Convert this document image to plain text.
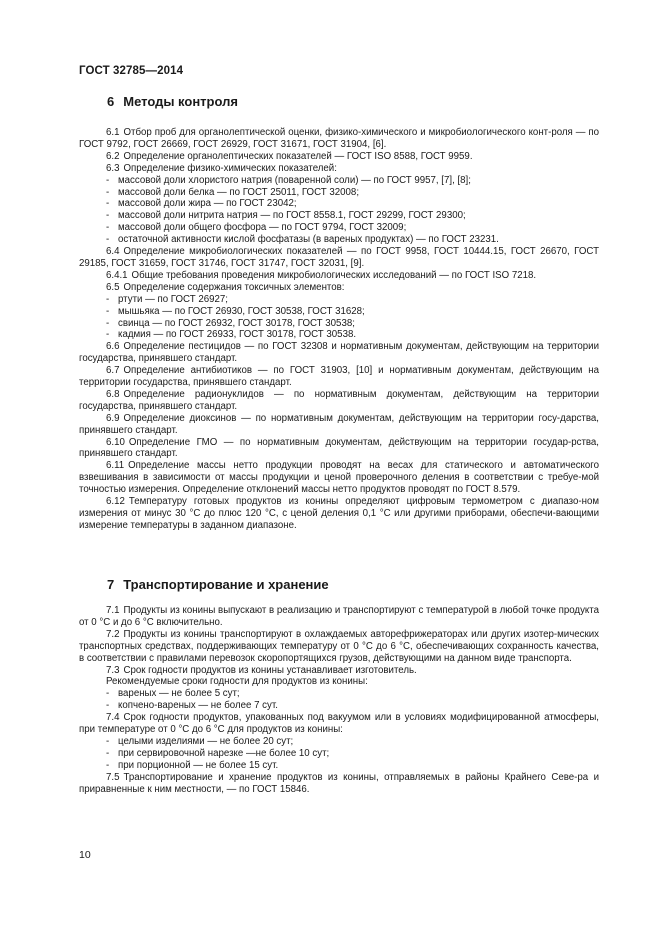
ГОСТ 32785—2014
6 Методы контроля
6.1 Отбор проб для органолептической оценки, физико-химического и микробиологического конт-роля — по ГОСТ 9792, ГОСТ 26669, ГОСТ 26929, ГОСТ 31671, ГОСТ 31904, [6].
6.2 Определение органолептических показателей — ГОСТ ISO 8588, ГОСТ 9959.
6.3 Определение физико-химических показателей:
- массовой доли хлористого натрия (поваренной соли) — по ГОСТ 9957, [7], [8];
- массовой доли белка — по ГОСТ 25011, ГОСТ 32008;
- массовой доли жира — по ГОСТ 23042;
- массовой доли нитрита натрия — по ГОСТ 8558.1, ГОСТ 29299, ГОСТ 29300;
- массовой доли общего фосфора — по ГОСТ 9794, ГОСТ 32009;
- остаточной активности кислой фосфатазы (в вареных продуктах) — по ГОСТ 23231.
6.4 Определение микробиологических показателей — по ГОСТ 9958, ГОСТ 10444.15, ГОСТ 26670, ГОСТ 29185, ГОСТ 31659, ГОСТ 31746, ГОСТ 31747, ГОСТ 32031, [9].
6.4.1 Общие требования проведения микробиологических исследований — по ГОСТ ISO 7218.
6.5 Определение содержания токсичных элементов:
- ртути — по ГОСТ 26927;
- мышьяка — по ГОСТ 26930, ГОСТ 30538, ГОСТ 31628;
- свинца — по ГОСТ 26932, ГОСТ 30178, ГОСТ 30538;
- кадмия — по ГОСТ 26933, ГОСТ 30178, ГОСТ 30538.
6.6 Определение пестицидов — по ГОСТ 32308 и нормативным документам, действующим на территории государства, принявшего стандарт.
6.7 Определение антибиотиков — по ГОСТ 31903, [10] и нормативным документам, действующим на территории государства, принявшего стандарт.
6.8 Определение радионуклидов — по нормативным документам, действующим на территории государства, принявшего стандарт.
6.9 Определение диоксинов — по нормативным документам, действующим на территории госу-дарства, принявшего стандарт.
6.10 Определение ГМО — по нормативным документам, действующим на территории государ-рства, принявшего стандарт.
6.11 Определение массы нетто продукции проводят на весах для статического и автоматического взвешивания в зависимости от массы продукции и ценой проверочного деления в соответствии с требуе-мой точностью измерения. Определение отклонений массы нетто продуктов проводят по ГОСТ 8.579.
6.12 Температуру готовых продуктов из конины определяют цифровым термометром с диапазо-ном измерения от минус 30 °С до плюс 120 °С, с ценой деления 0,1 °С или другими приборами, обеспечи-вающими измерение температуры в заданном диапазоне.
7 Транспортирование и хранение
7.1 Продукты из конины выпускают в реализацию и транспортируют с температурой в любой точке продукта от 0 °С и до 6 °С включительно.
7.2 Продукты из конины транспортируют в охлаждаемых авторефрижераторах или других изотер-мических транспортных средствах, поддерживающих температуру от 0 °С до 6 °С, обеспечивающих сохранность качества, в соответствии с правилами перевозок скоропортящихся грузов, действующими на данном виде транспорта.
7.3 Срок годности продуктов из конины устанавливает изготовитель.
Рекомендуемые сроки годности для продуктов из конины:
- вареных — не более 5 сут;
- копчено-вареных — не более 7 сут.
7.4 Срок годности продуктов, упакованных под вакуумом или в условиях модифицированной атмосферы, при температуре от 0 °С до 6 °С для продуктов из конины:
- целыми изделиями — не более 20 сут;
- при сервировочной нарезке —не более 10 сут;
- при порционной — не более 15 сут.
7.5 Транспортирование и хранение продуктов из конины, отправляемых в районы Крайнего Севе-ра и приравненные к ним местности, — по ГОСТ 15846.
10
